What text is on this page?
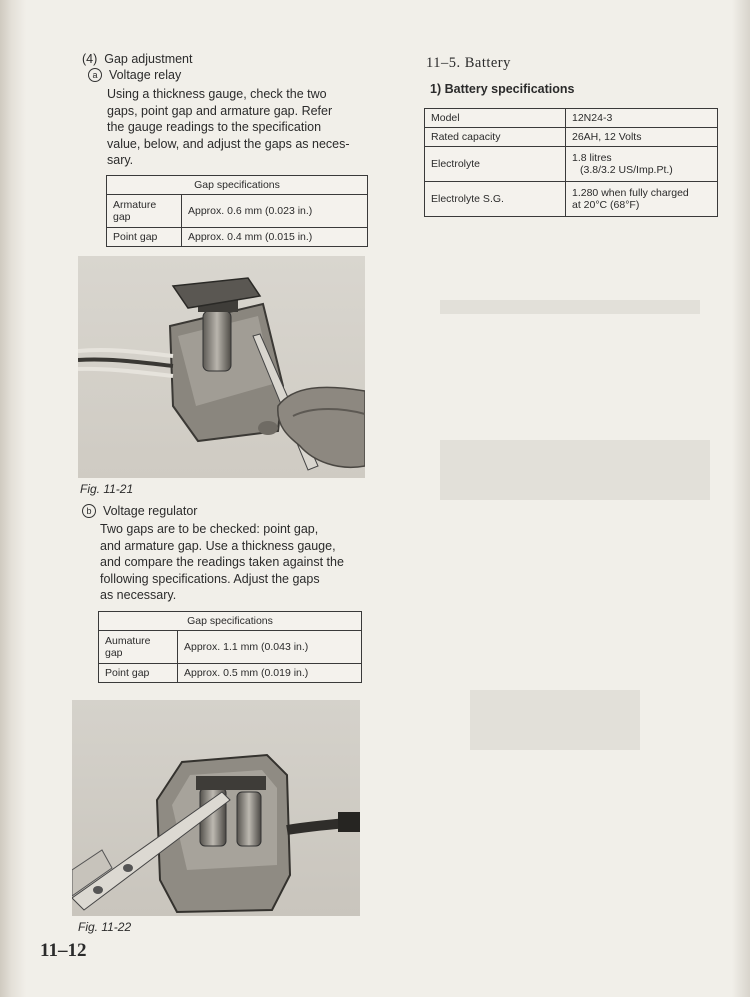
(4) Gap adjustment
a Voltage relay
Using a thickness gauge, check the two
gaps, point gap and armature gap. Refer
the gauge readings to the specification
value, below, and adjust the gaps as neces-
sary.
Gap specifications	

Armature
gap	Approx. 0.6 mm (0.023 in.)
Point gap	Approx. 0.4 mm (0.015 in.)
Fig. 11-21
b Voltage regulator
Two gaps are to be checked: point gap,
and armature gap. Use a thickness gauge,
and compare the readings taken against the
following specifications. Adjust the gaps
as necessary.
Gap specifications	

Aumature
gap	Approx. 1.1 mm (0.043 in.)
Point gap	Approx. 0.5 mm (0.019 in.)
Fig. 11-22
11–12
11–5. Battery
1) Battery specifications
Model	12N24-3
Rated capacity	26AH, 12 Volts
Electrolyte	1.8 litres
(3.8/3.2 US/Imp.Pt.)

Electrolyte S.G.	1.280 when fully charged
at 20°C (68°F)
